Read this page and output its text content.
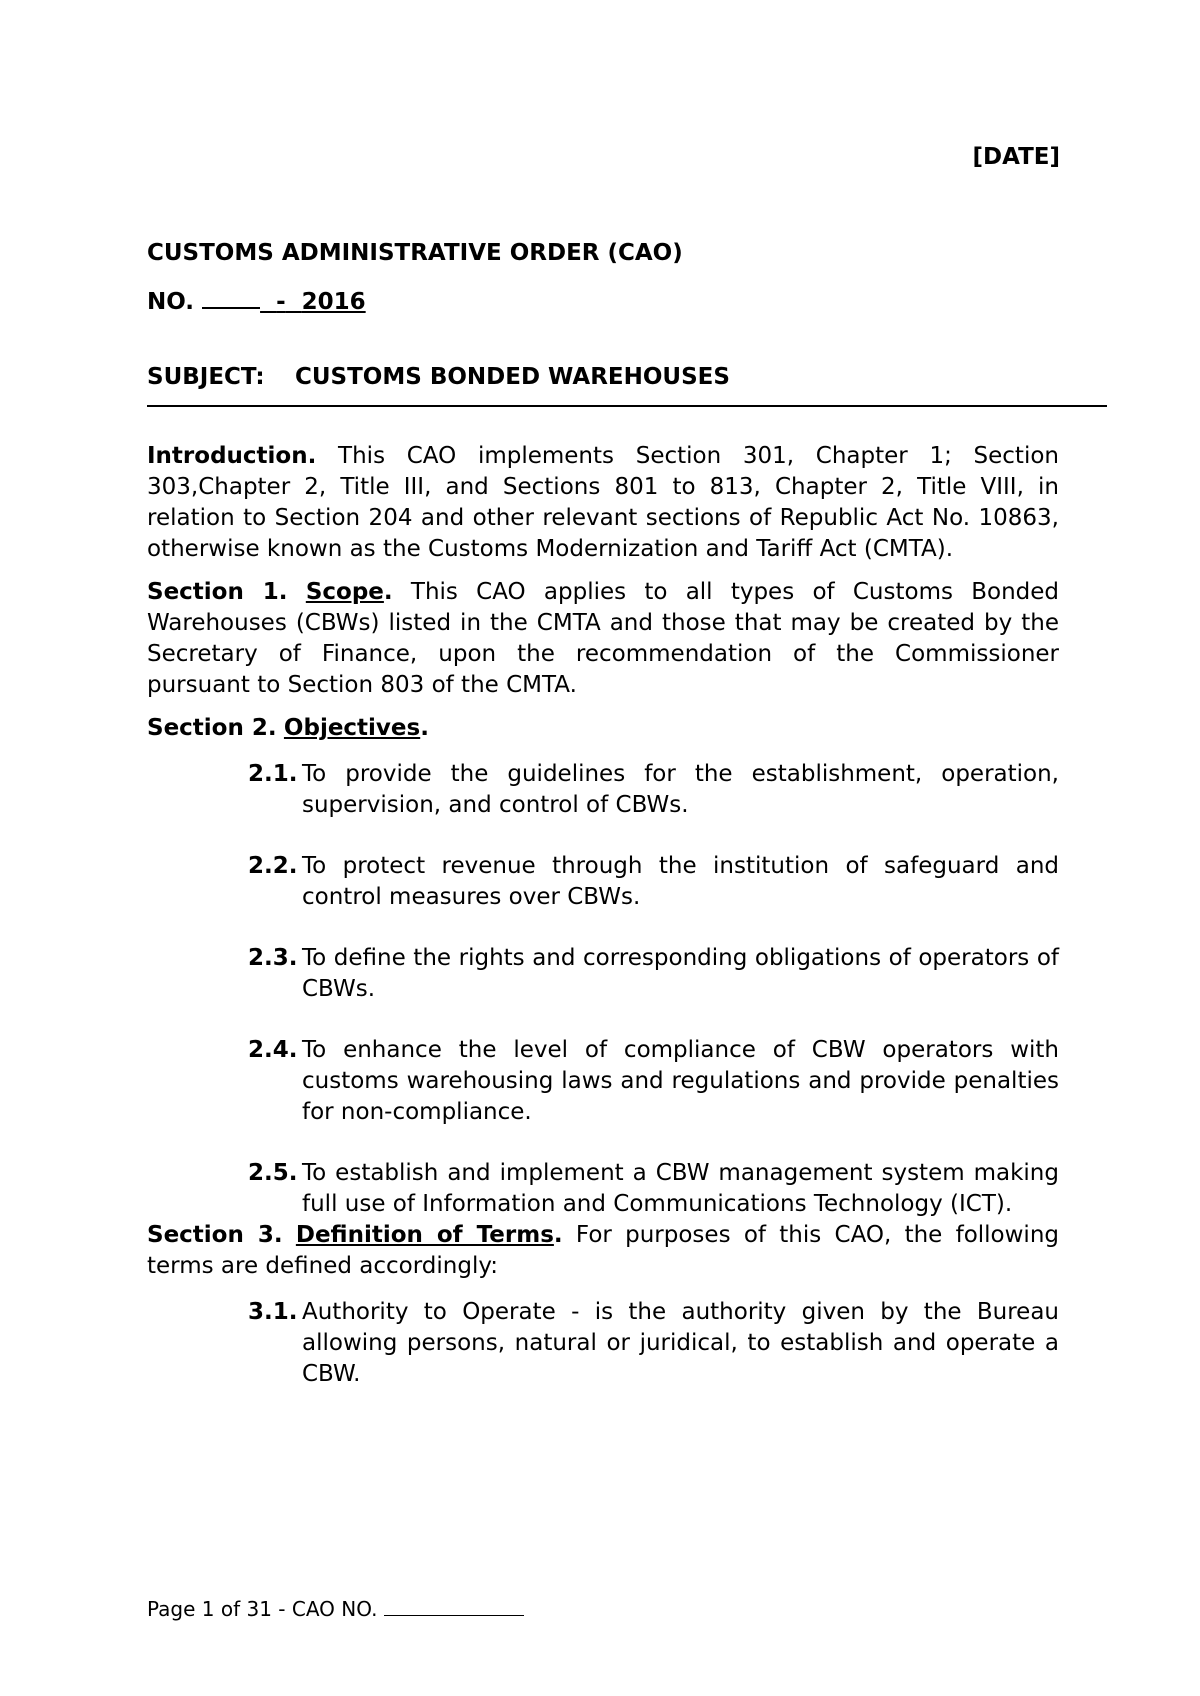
[DATE]
CUSTOMS ADMINISTRATIVE ORDER (CAO)
NO.	- 2016
SUBJECT: CUSTOMS BONDED WAREHOUSES

Introduction. This CAO implements Section 301, Chapter 1; Section 303,Chapter 2, Title III, and Sections 801 to 813, Chapter 2, Title VIII, in relation to Section 204 and other relevant sections of Republic Act No. 10863, otherwise known as the Customs Modernization and Tariff Act (CMTA).

Section 1. Scope. This CAO applies to all types of Customs Bonded Warehouses (CBWs) listed in the CMTA and those that may be created by the Secretary of Finance, upon the recommendation of the Commissioner pursuant to Section 803 of the CMTA.

Section 2. Objectives.

2.1. To provide the guidelines for the establishment, operation, supervision, and control of CBWs.
2.2. To protect revenue through the institution of safeguard and control measures over CBWs.
2.3. To define the rights and corresponding obligations of operators of CBWs.
2.4. To enhance the level of compliance of CBW operators with customs warehousing laws and regulations and provide penalties for non-compliance.
2.5. To establish and implement a CBW management system making full use of Information and Communications Technology (ICT).

Section 3. Definition of Terms. For purposes of this CAO, the following terms are defined accordingly:

3.1. Authority to Operate - is the authority given by the Bureau allowing persons, natural or juridical, to establish and operate a CBW.
Page 1 of 31 - CAO NO.
